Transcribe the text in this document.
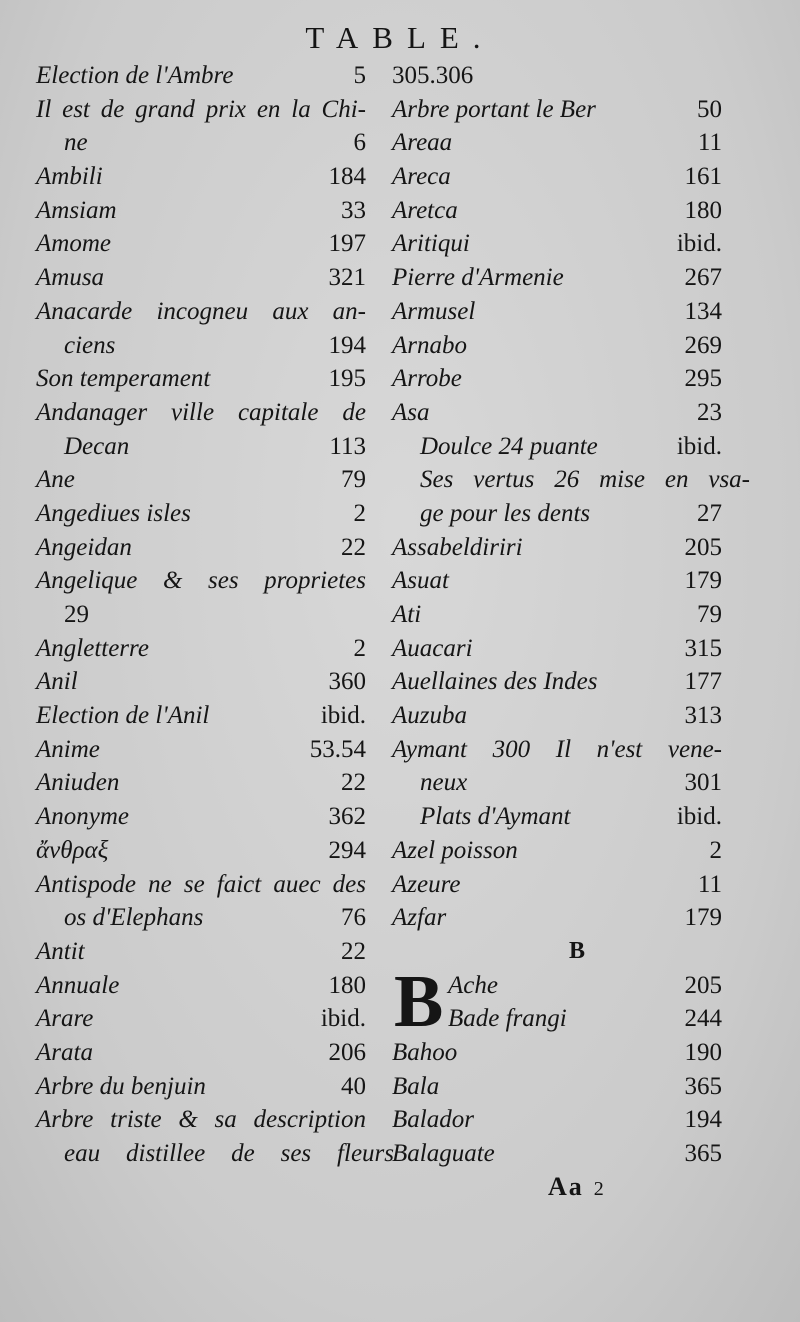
TABLE.
Election de l'Ambre	5
Il est de grand prix en la Chi-
ne	6
Ambili	184
Amsiam	33
Amome	197
Amusa	321
Anacarde incogneu aux an-
ciens	194
Son temperament	195
Andanager ville capitale de
Decan	113
Ane	79
Angediues isles	2
Angeidan	22
Angelique & ses proprietes
29
Angletterre	2
Anil	360
Election de l'Anil	ibid.
Anime	53.54
Aniuden	22
Anonyme	362
ἄνθραξ	294
Antispode ne se faict auec des
os d'Elephans	76
Antit	22
Annuale	180
Arare	ibid.
Arata	206
Arbre du benjuin	40
Arbre triste & sa description
eau distillee de ses fleurs
305.306
Arbre portant le Ber	50
Areaa	11
Areca	161
Aretca	180
Aritiqui	ibid.
Pierre d'Armenie	267
Armusel	134
Arnabo	269
Arrobe	295
Asa	23
Doulce 24 puante	ibid.
Ses vertus 26 mise en vsa-
ge pour les dents	27
Assabeldiriri	205
Asuat	179
Ati	79
Auacari	315
Auellaines des Indes	177
Auzuba	313
Aymant 300 Il n'est vene-
neux	301
Plats d'Aymant	ibid.
Azel poisson	2
Azeure	11
Azfar	179
B
B Ache	205
Bade frangi	244
Bahoo	190
Bala	365
Balador	194
Balaguate	365
Aa 2
